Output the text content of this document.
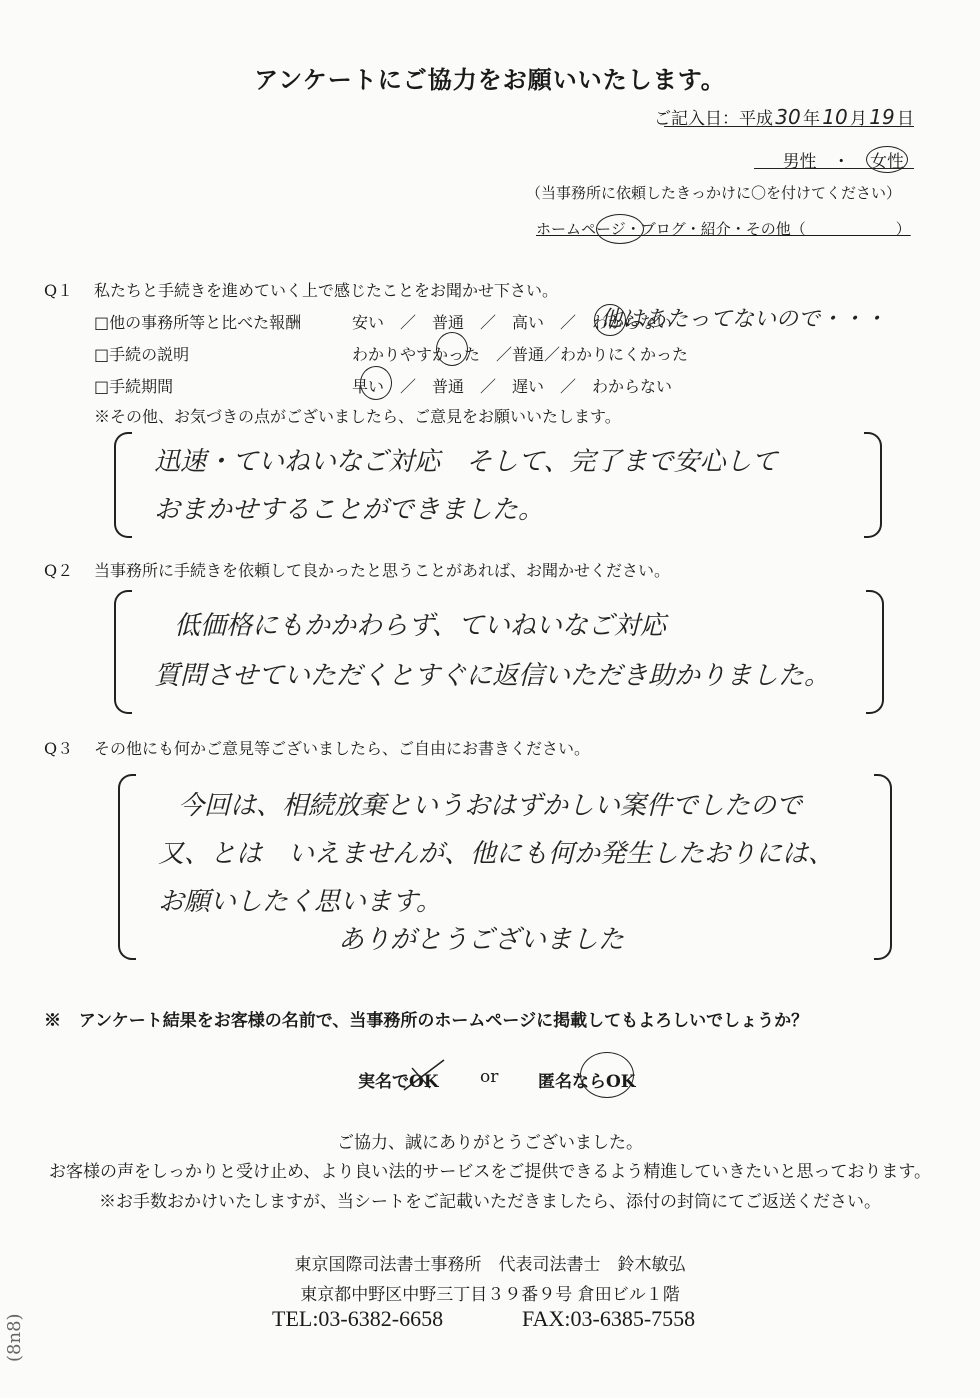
アンケートにご協力をお願いいたします。
ご記入日：平成 30 年 10 月 19 日
男性 ・ 女性
（当事務所に依頼したきっかけに〇を付けてください）
ホームページ・ブログ・紹介・その他（　　　　　　）
Q１ 私たちと手続きを進めていく上で感じたことをお聞かせ下さい。
□他の事務所等と比べた報酬	安い　／　普通　／　高い　／　わからない
他はあたってないので・・・
□手続の説明	わかりやすかった　／普通／わかりにくかった
□手続期間	早い　／　普通　／　遅い　／　わからない
※その他、お気づきの点がございましたら、ご意見をお願いいたします。
迅速・ていねいなご対応　そして、完了まで安心して
おまかせすることができました。
Q２ 当事務所に手続きを依頼して良かったと思うことがあれば、お聞かせください。
低価格にもかかわらず、ていねいなご対応
質問させていただくとすぐに返信いただき助かりました。
Q３ その他にも何かご意見等ございましたら、ご自由にお書きください。
今回は、相続放棄というおはずかしい案件でしたので
又、とは　いえませんが、他にも何か発生したおりには、
お願いしたく思います。
ありがとうございました
※ アンケート結果をお客様の名前で、当事務所のホームページに掲載してもよろしいでしょうか？
実名でOK or 匿名ならOK
ご協力、誠にありがとうございました。
お客様の声をしっかりと受け止め、より良い法的サービスをご提供できるよう精進していきたいと思っております。
※お手数おかけいたしますが、当シートをご記載いただきましたら、添付の封筒にてご返送ください。
東京国際司法書士事務所　代表司法書士　鈴木敏弘
東京都中野区中野三丁目３９番９号 倉田ビル１階
TEL:03-6382-6658	FAX:03-6385-7558
(8n8)
